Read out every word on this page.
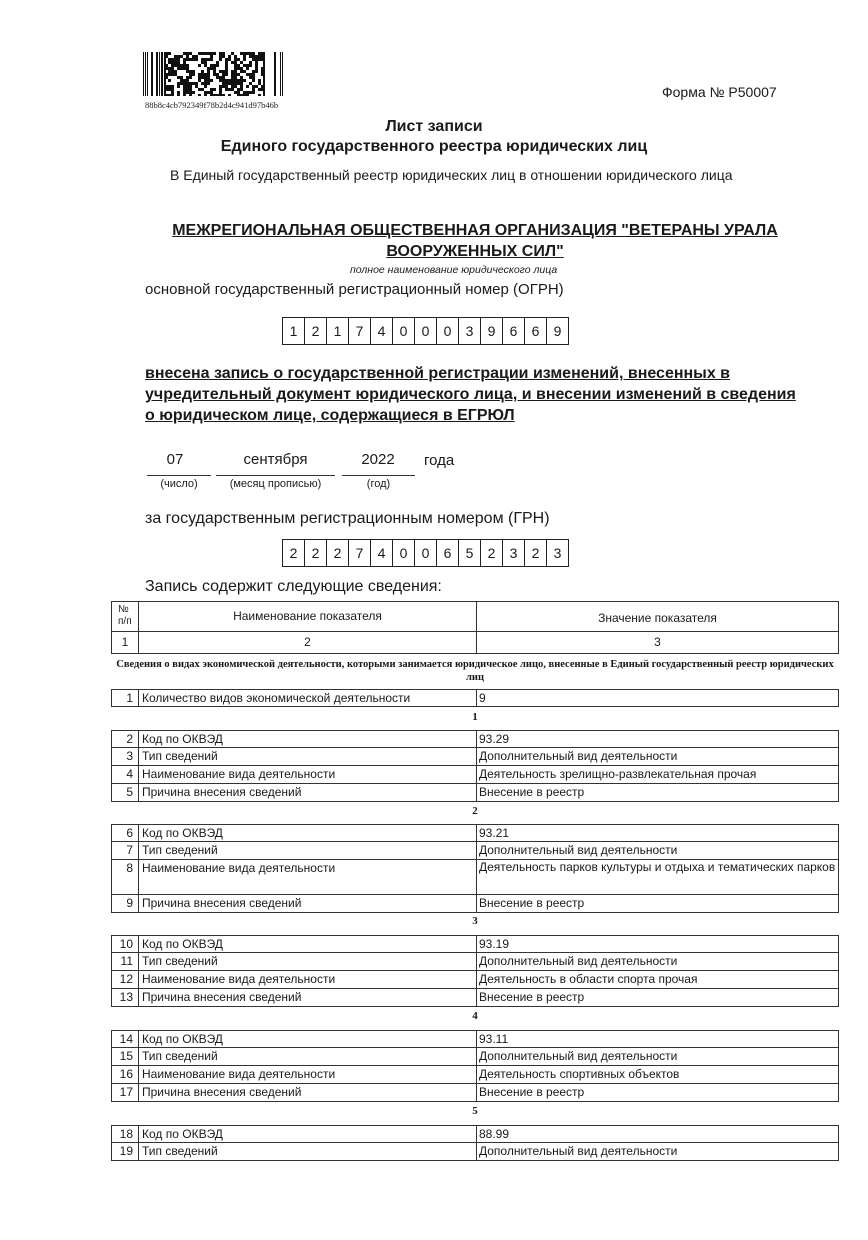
88b8c4cb792349f78b2d4c941d97b46b
Форма № Р50007
Лист записи
Единого государственного реестра юридических лиц
В Единый государственный реестр юридических лиц в отношении юридического лица
МЕЖРЕГИОНАЛЬНАЯ ОБЩЕСТВЕННАЯ ОРГАНИЗАЦИЯ "ВЕТЕРАНЫ УРАЛА ВООРУЖЕННЫХ СИЛ"
полное наименование юридического лица
основной государственный регистрационный номер (ОГРН)
1	2	1	7	4	0	0	0	3	9	6	6	9
внесена запись о государственной регистрации изменений, внесенных в учредительный документ юридического лица, и внесении изменений в сведения о юридическом лице, содержащиеся в ЕГРЮЛ
07	сентября	2022	года
(число)	(месяц прописью)	(год)
за государственным регистрационным номером (ГРН)
2	2	2	7	4	0	0	6	5	2	3	2	3
Запись содержит следующие сведения:
№ п/п	Наименование показателя	Значение показателя
1	2	3
Сведения о видах экономической деятельности, которыми занимается юридическое лицо, внесенные в Единый государственный реестр юридических лиц
1 Количество видов экономической деятельности	9
1
2 Код по ОКВЭД	93.29
3 Тип сведений	Дополнительный вид деятельности
4 Наименование вида деятельности	Деятельность зрелищно-развлекательная прочая
5 Причина внесения сведений	Внесение в реестр
2
6 Код по ОКВЭД	93.21
7 Тип сведений	Дополнительный вид деятельности
8 Наименование вида деятельности	Деятельность парков культуры и отдыха и тематических парков
9 Причина внесения сведений	Внесение в реестр
3
10 Код по ОКВЭД	93.19
11 Тип сведений	Дополнительный вид деятельности
12 Наименование вида деятельности	Деятельность в области спорта прочая
13 Причина внесения сведений	Внесение в реестр
4
14 Код по ОКВЭД	93.11
15 Тип сведений	Дополнительный вид деятельности
16 Наименование вида деятельности	Деятельность спортивных объектов
17 Причина внесения сведений	Внесение в реестр
5
18 Код по ОКВЭД	88.99
19 Тип сведений	Дополнительный вид деятельности
